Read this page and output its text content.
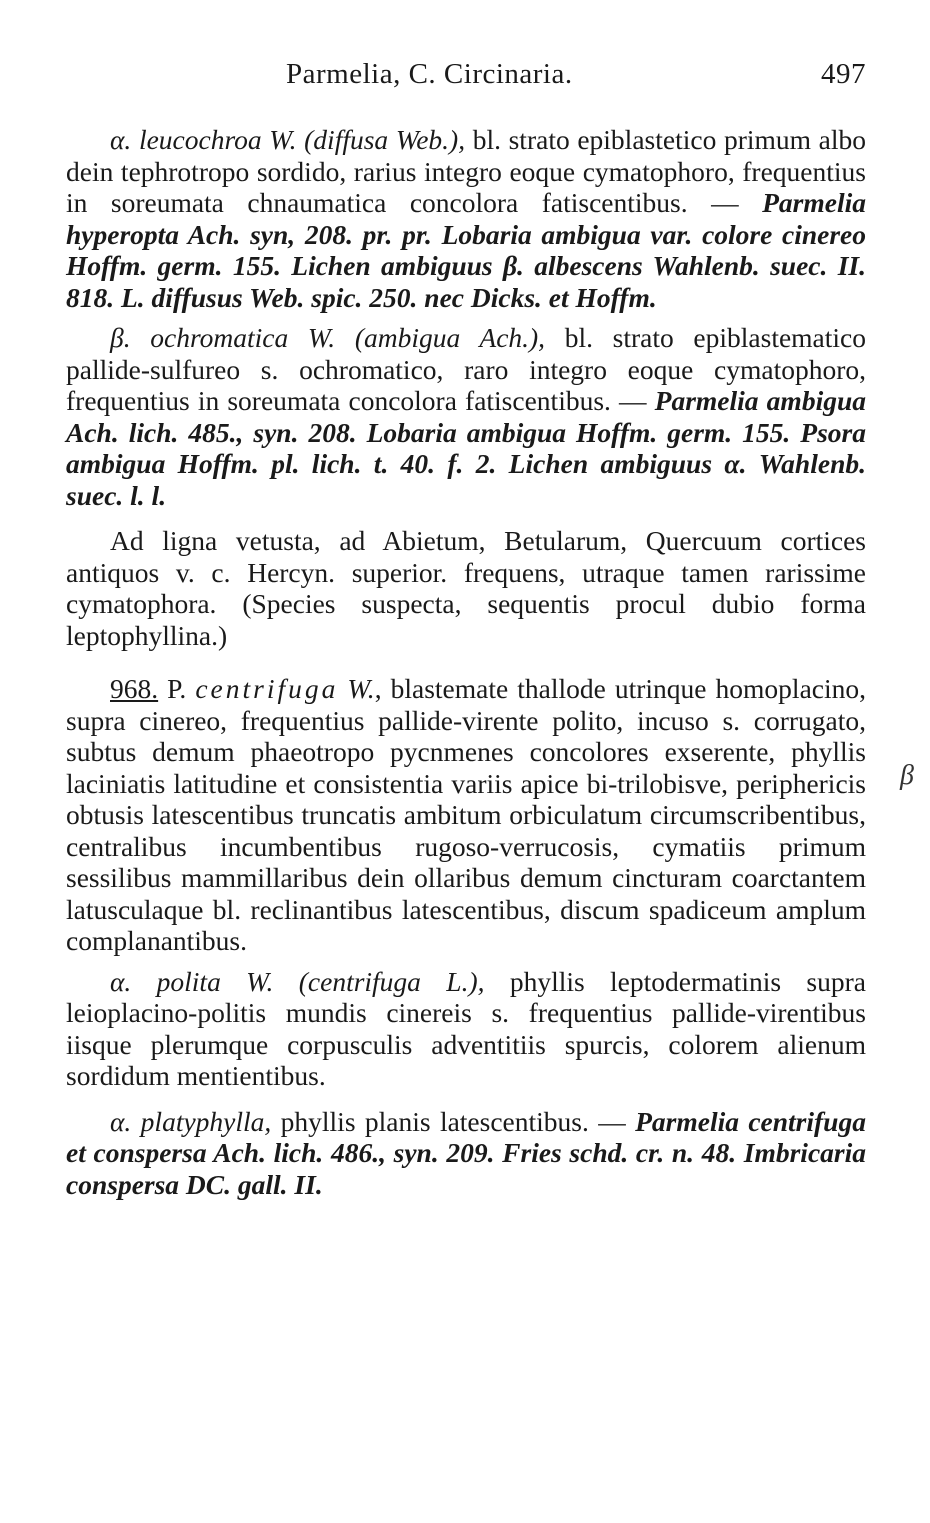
Parmelia, C. Circinaria.	497

α. leucochroa W. (diffusa Web.), bl. strato epiblastetico primum albo dein tephrotropo sordido, rarius integro eoque cymatophoro, frequentius in soreumata chnaumatica concolora fatiscentibus. — Parmelia hyperopta Ach. syn, 208. pr. pr. Lobaria ambigua var. colore cinereo Hoffm. germ. 155. Lichen ambiguus β. albescens Wahlenb. suec. II. 818. L. diffusus Web. spic. 250. nec Dicks. et Hoffm.

β. ochromatica W. (ambigua Ach.), bl. strato epiblastematico pallide-sulfureo s. ochromatico, raro integro eoque cymatophoro, frequentius in soreumata concolora fatiscentibus. — Parmelia ambigua Ach. lich. 485., syn. 208. Lobaria ambigua Hoffm. germ. 155. Psora ambigua Hoffm. pl. lich. t. 40. f. 2. Lichen ambiguus α. Wahlenb. suec. l. l.

Ad ligna vetusta, ad Abietum, Betularum, Quercuum cortices antiquos v. c. Hercyn. superior. frequens, utraque tamen rarissime cymatophora. (Species suspecta, sequentis procul dubio forma leptophyllina.)

968. P. centrifuga W., blastemate thallode utrinque homoplacino, supra cinereo, frequentius pallide-virente polito, incuso s. corrugato, subtus demum phaeotropo pycnmenes concolores exserente, phyllis laciniatis latitudine et consistentia variis apice bi-trilobisve, periphericis obtusis latescentibus truncatis ambitum orbiculatum circumscribentibus, centralibus incumbentibus rugoso-verrucosis, cymatiis primum sessilibus mammillaribus dein ollaribus demum cincturam coarctantem latusculaque bl. reclinantibus latescentibus, discum spadiceum amplum complanantibus.

α. polita W. (centrifuga L.), phyllis leptodermatinis supra leioplacino-politis mundis cinereis s. frequentius pallide-virentibus iisque plerumque corpusculis adventitiis spurcis, colorem alienum sordidum mentientibus.

α. platyphylla, phyllis planis latescentibus. — Parmelia centrifuga et conspersa Ach. lich. 486., syn. 209. Fries schd. cr. n. 48. Imbricaria conspersa DC. gall. II.

β
